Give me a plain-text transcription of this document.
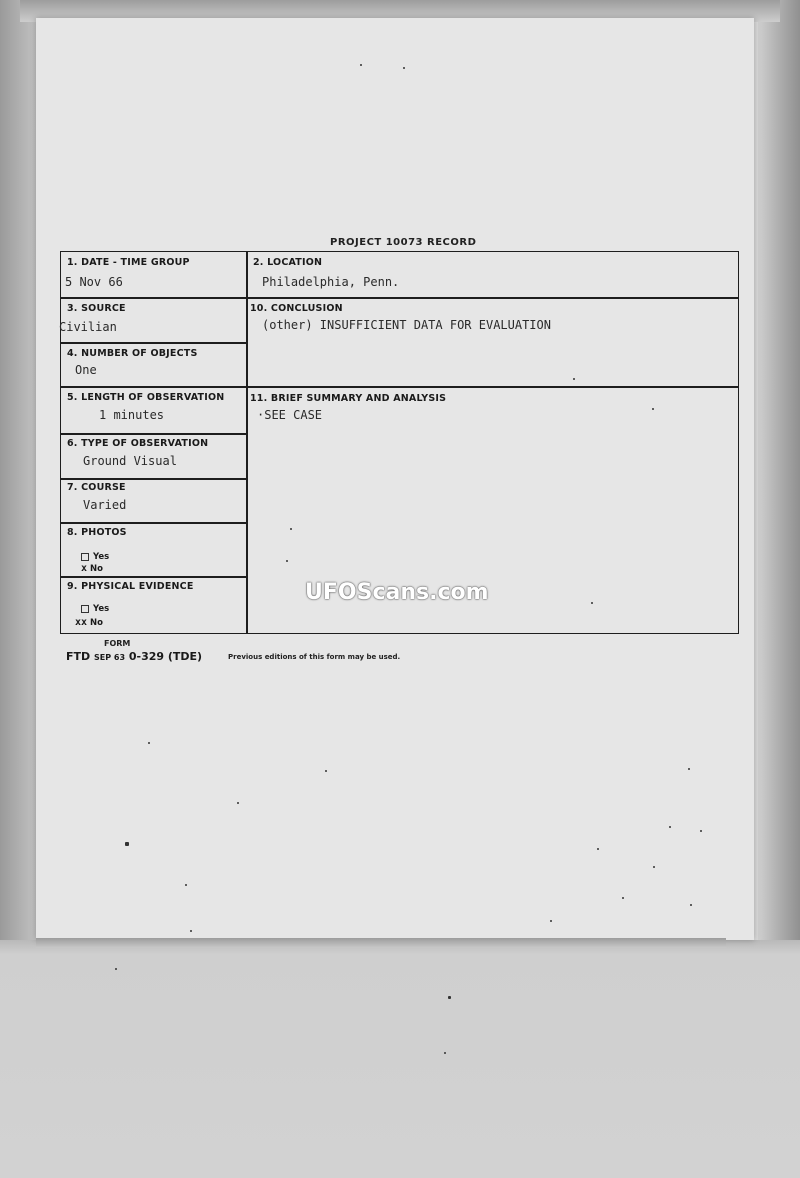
PROJECT 10073 RECORD
1. DATE - TIME GROUP
5 Nov 66
2. LOCATION
Philadelphia, Penn.
3. SOURCE
Civilian
10. CONCLUSION
(other) INSUFFICIENT DATA FOR EVALUATION
4. NUMBER OF OBJECTS
One
5. LENGTH OF OBSERVATION
1 minutes
11. BRIEF SUMMARY AND ANALYSIS
·SEE CASE
6. TYPE OF OBSERVATION
Ground Visual
7. COURSE
Varied
8. PHOTOS
Yes
x No
9. PHYSICAL EVIDENCE
Yes
xx No
FORM
FTD SEP 63 0-329 (TDE)	Previous editions of this form may be used.
UFOScans.com
